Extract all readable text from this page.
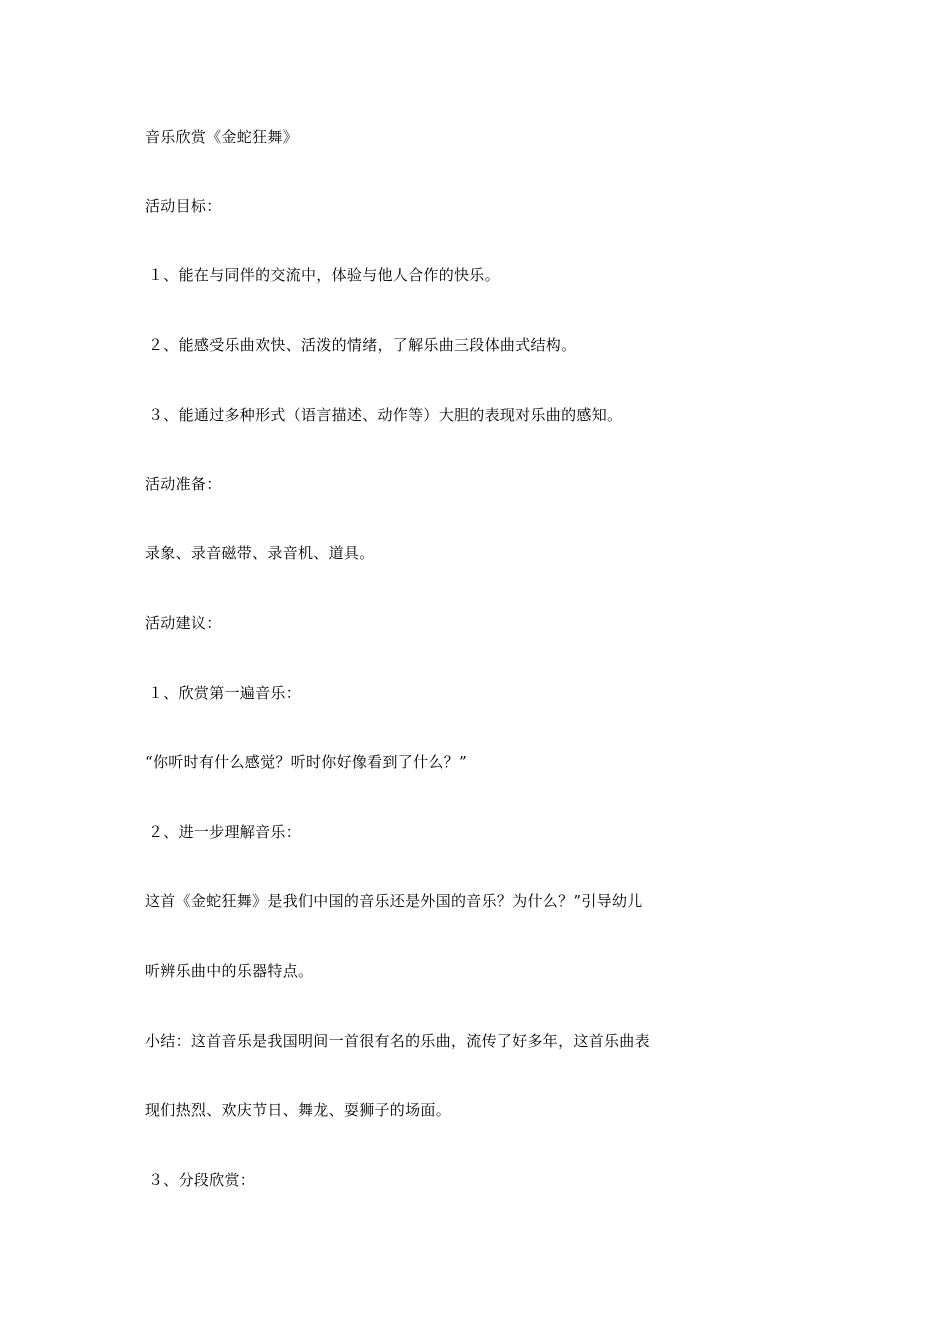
音乐欣赏《金蛇狂舞》
活动目标：
１、能在与同伴的交流中，体验与他人合作的快乐。
２、能感受乐曲欢快、活泼的情绪，了解乐曲三段体曲式结构。
３、能通过多种形式（语言描述、动作等）大胆的表现对乐曲的感知。
活动准备：
录象、录音磁带、录音机、道具。
活动建议：
１、欣赏第一遍音乐：
“你听时有什么感觉？听时你好像看到了什么？”
２、进一步理解音乐：
这首《金蛇狂舞》是我们中国的音乐还是外国的音乐？为什么？”引导幼儿
听辨乐曲中的乐器特点。
小结：这首音乐是我国明间一首很有名的乐曲，流传了好多年，这首乐曲表
现们热烈、欢庆节日、舞龙、耍狮子的场面。
３、分段欣赏：
